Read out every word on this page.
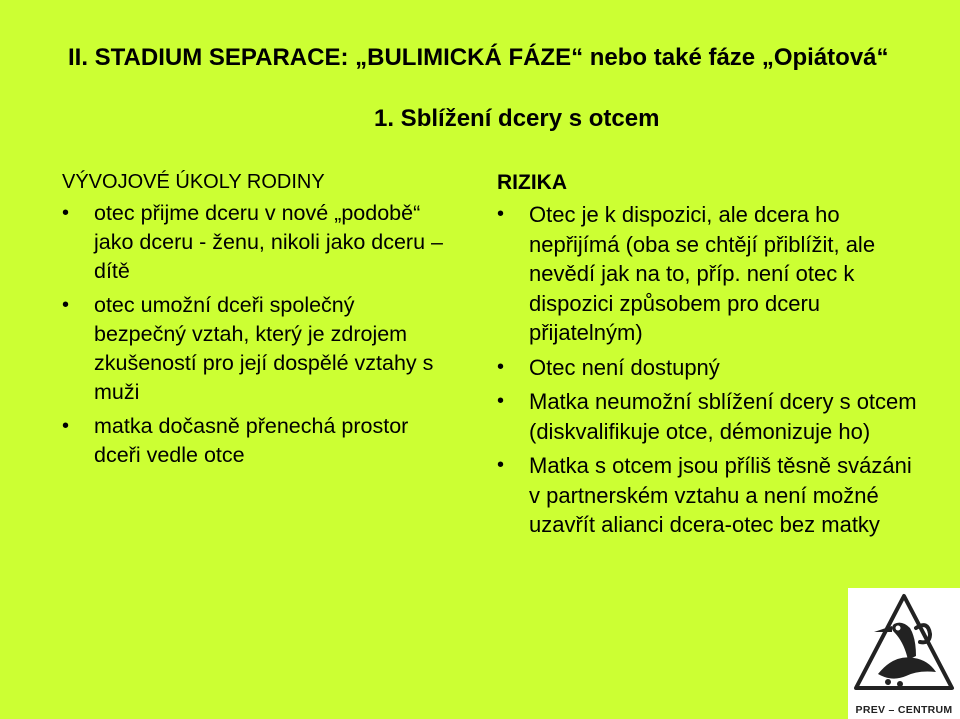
II. STADIUM SEPARACE: „BULIMICKÁ FÁZE“ nebo také fáze „Opiátová“
1. Sblížení dcery s otcem
VÝVOJOVÉ ÚKOLY RODINY
•	otec přijme dceru v nové „podobě“ jako dceru - ženu, nikoli jako dceru – dítě
•	otec umožní dceři společný bezpečný vztah, který je zdrojem zkušeností pro její dospělé vztahy s muži
•	matka dočasně přenechá prostor dceři vedle otce
RIZIKA
•	Otec je k dispozici, ale dcera ho nepřijímá (oba se chtějí přiblížit, ale nevědí jak na to, příp. není otec k dispozici způsobem pro dceru přijatelným)
•	Otec není dostupný
•	Matka neumožní sblížení dcery s otcem (diskvalifikuje otce, démonizuje ho)
•	Matka s otcem jsou příliš těsně svázáni v partnerském vztahu a není možné uzavřít alianci dcera-otec bez matky
PREV – CENTRUM
